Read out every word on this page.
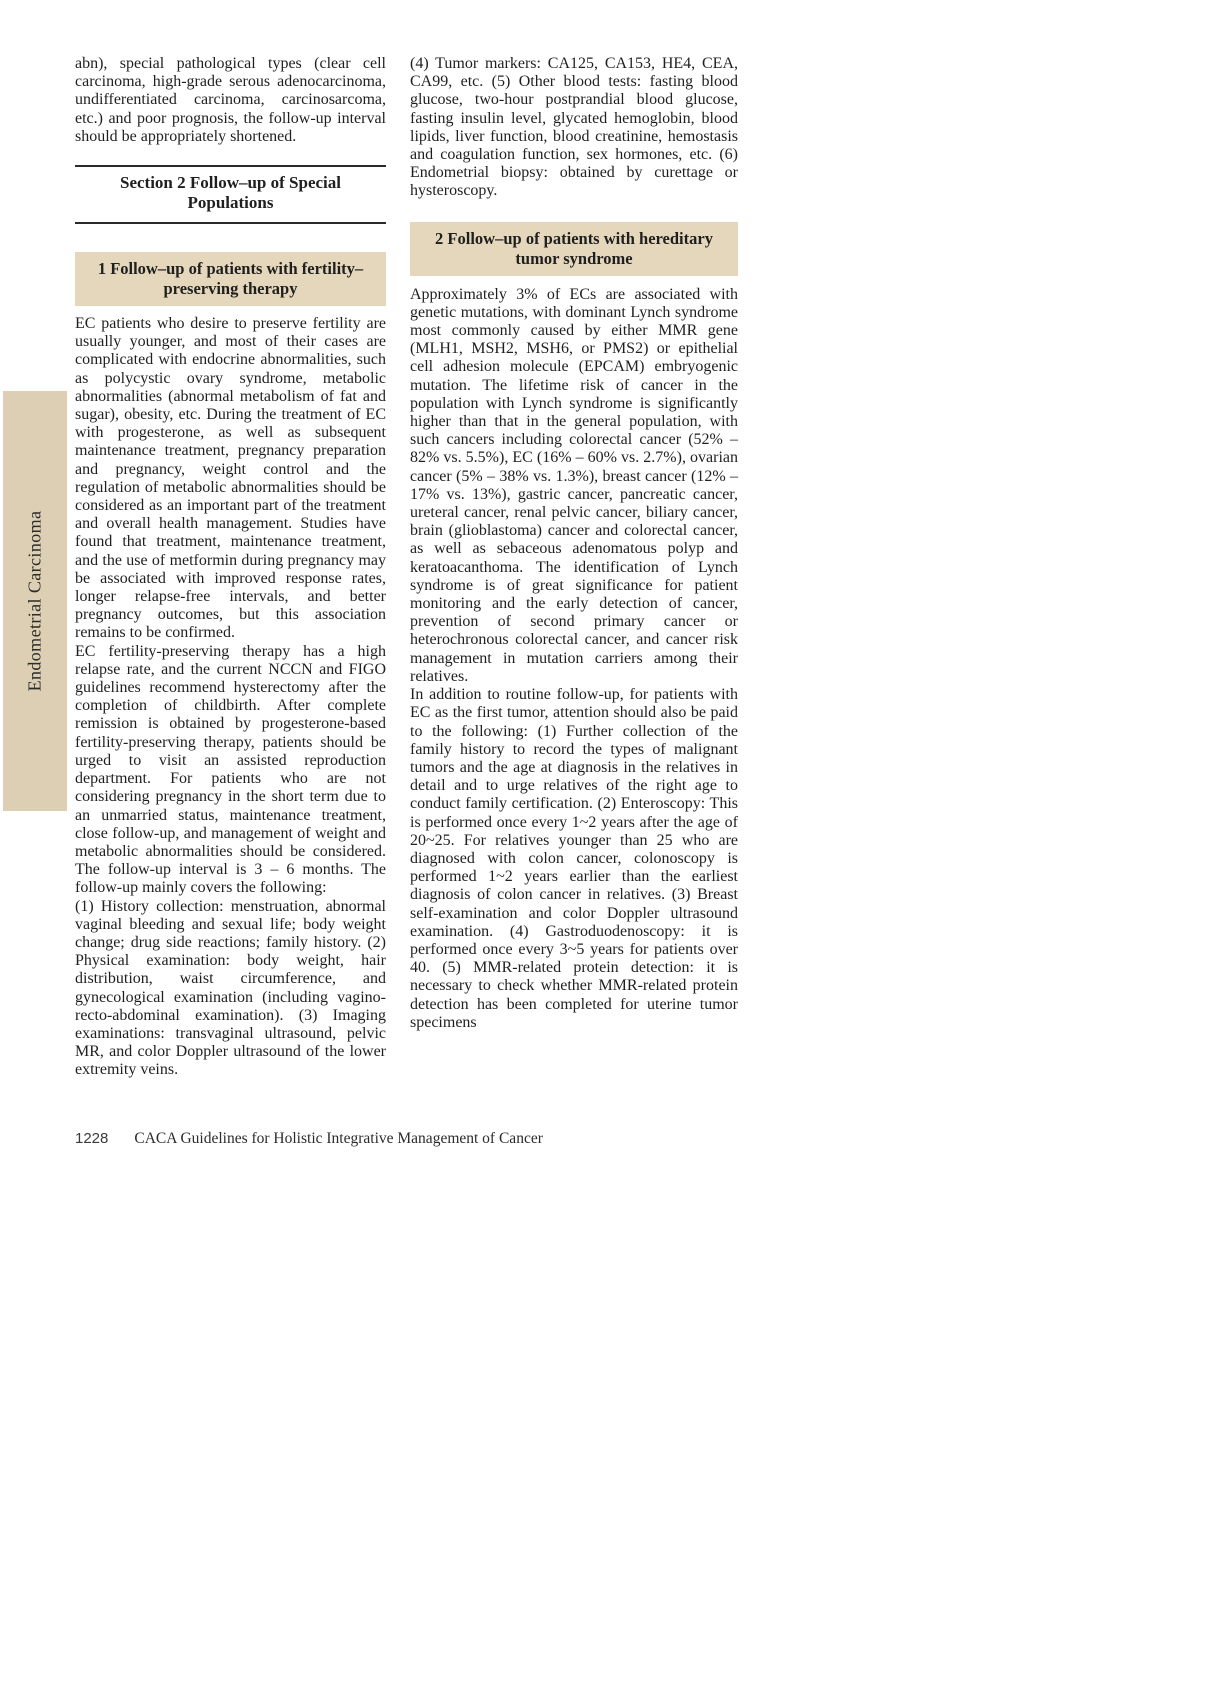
Endometrial Carcinoma

abn), special pathological types (clear cell carcinoma, high-grade serous adenocarcinoma, undifferentiated carcinoma, carcinosarcoma, etc.) and poor prognosis, the follow-up interval should be appropriately shortened.

Section 2 Follow–up of Special Populations
1 Follow–up of patients with fertility–preserving therapy

EC patients who desire to preserve fertility are usually younger, and most of their cases are complicated with endocrine abnormalities, such as polycystic ovary syndrome, metabolic abnormalities (abnormal metabolism of fat and sugar), obesity, etc. During the treatment of EC with progesterone, as well as subsequent maintenance treatment, pregnancy preparation and pregnancy, weight control and the regulation of metabolic abnormalities should be considered as an important part of the treatment and overall health management. Studies have found that treatment, maintenance treatment, and the use of metformin during pregnancy may be associated with improved response rates, longer relapse-free intervals, and better pregnancy outcomes, but this association remains to be confirmed.

EC fertility-preserving therapy has a high relapse rate, and the current NCCN and FIGO guidelines recommend hysterectomy after the completion of childbirth. After complete remission is obtained by progesterone-based fertility-preserving therapy, patients should be urged to visit an assisted reproduction department. For patients who are not considering pregnancy in the short term due to an unmarried status, maintenance treatment, close follow-up, and management of weight and metabolic abnormalities should be considered. The follow-up interval is 3 – 6 months. The follow-up mainly covers the following:

(1) History collection: menstruation, abnormal vaginal bleeding and sexual life; body weight change; drug side reactions; family history. (2) Physical examination: body weight, hair distribution, waist circumference, and gynecological examination (including vagino-recto-abdominal examination). (3) Imaging examinations: transvaginal ultrasound, pelvic MR, and color Doppler ultrasound of the lower extremity veins.

(4) Tumor markers: CA125, CA153, HE4, CEA, CA99, etc. (5) Other blood tests: fasting blood glucose, two-hour postprandial blood glucose, fasting insulin level, glycated hemoglobin, blood lipids, liver function, blood creatinine, hemostasis and coagulation function, sex hormones, etc. (6) Endometrial biopsy: obtained by curettage or hysteroscopy.

2 Follow–up of patients with hereditary tumor syndrome

Approximately 3% of ECs are associated with genetic mutations, with dominant Lynch syndrome most commonly caused by either MMR gene (MLH1, MSH2, MSH6, or PMS2) or epithelial cell adhesion molecule (EPCAM) embryogenic mutation. The lifetime risk of cancer in the population with Lynch syndrome is significantly higher than that in the general population, with such cancers including colorectal cancer (52% – 82% vs. 5.5%), EC (16% – 60% vs. 2.7%), ovarian cancer (5% – 38% vs. 1.3%), breast cancer (12% – 17% vs. 13%), gastric cancer, pancreatic cancer, ureteral cancer, renal pelvic cancer, biliary cancer, brain (glioblastoma) cancer and colorectal cancer, as well as sebaceous adenomatous polyp and keratoacanthoma. The identification of Lynch syndrome is of great significance for patient monitoring and the early detection of cancer, prevention of second primary cancer or heterochronous colorectal cancer, and cancer risk management in mutation carriers among their relatives.

In addition to routine follow-up, for patients with EC as the first tumor, attention should also be paid to the following: (1) Further collection of the family history to record the types of malignant tumors and the age at diagnosis in the relatives in detail and to urge relatives of the right age to conduct family certification. (2) Enteroscopy: This is performed once every 1~2 years after the age of 20~25. For relatives younger than 25 who are diagnosed with colon cancer, colonoscopy is performed 1~2 years earlier than the earliest diagnosis of colon cancer in relatives. (3) Breast self-examination and color Doppler ultrasound examination. (4) Gastroduodenoscopy: it is performed once every 3~5 years for patients over 40. (5) MMR-related protein detection: it is necessary to check whether MMR-related protein detection has been completed for uterine tumor specimens

1228 CACA Guidelines for Holistic Integrative Management of Cancer
